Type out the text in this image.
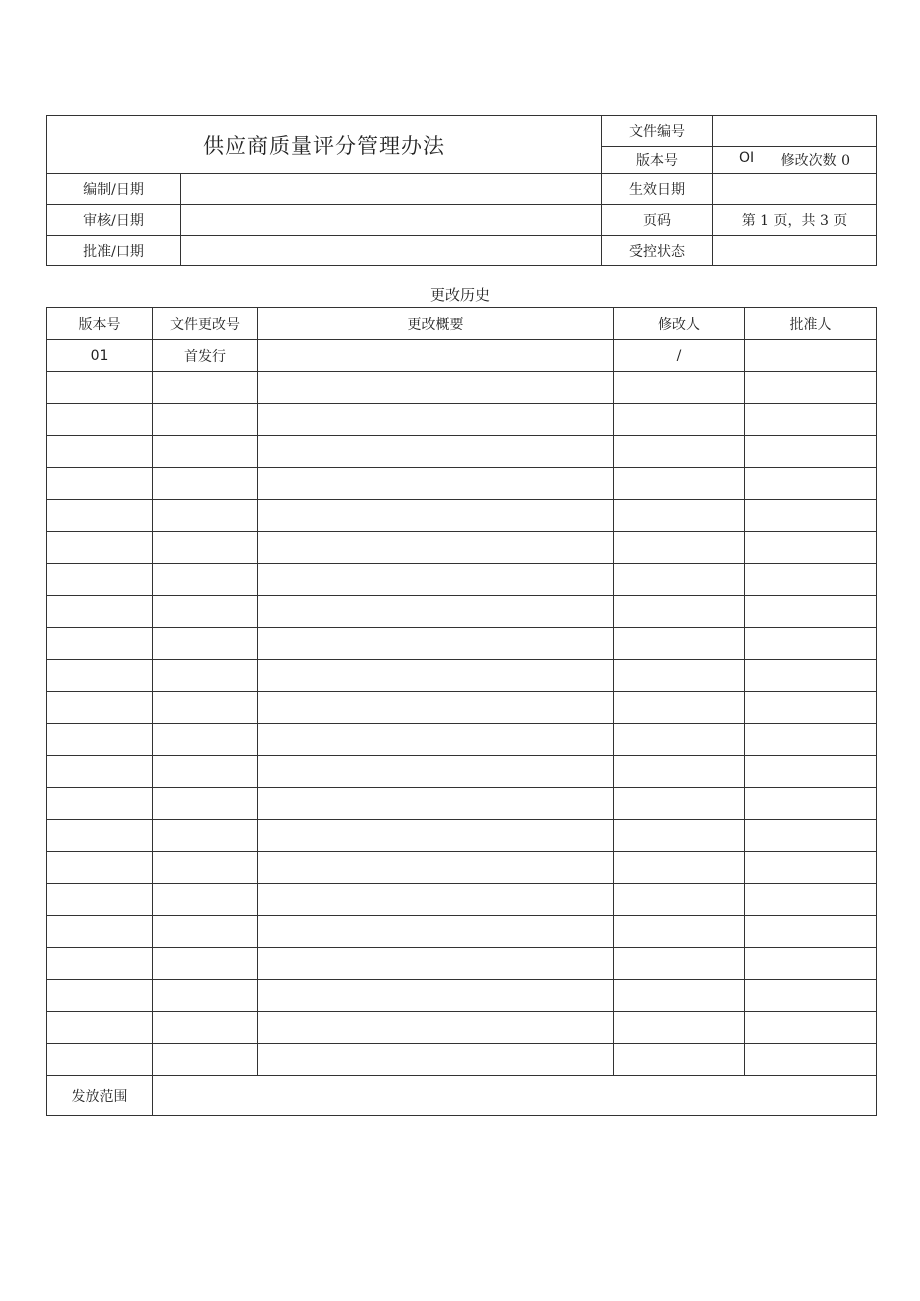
供应商质量评分管理办法		文件编号	
		版本号	OI 修改次数 0

编制/日期		生效日期	
审核/日期		页码	第 1 页，共 3 页
批准/口期		受控状态	
更改历史
版本号	文件更改号	更改概要	修改人	批准人
01	首发行		/	

发放范围				
